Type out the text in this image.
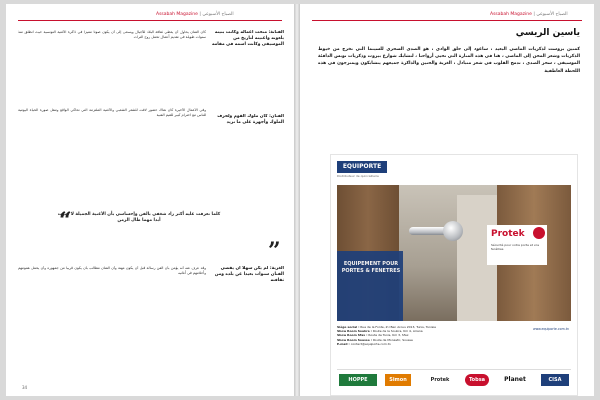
Assabah Magazine | الصباح الأسبوعي
الفنانة: منحت أعماله وكانت بنيته بلعونه واغنيته لتاريخ من الموسيقى وكانت اسمه في مقامه
الفنان: كان ملوك القوم ولحرف الملوك وأجهزة على ما تريد
الغربة: لم يكن سهلا أن يقضي الفنان سنوات بعيدا عن بلده ومن ثقافته

كان الفنان يحاول أن يعطي ثقافة البلاد للأجيال ويسعى إلى أن يكون صوتا مميزا في ذاكرة الأغنية التونسية حيث انطلق منذ سنوات طويلة في تقديم أعمال تحمل روح التراث

وفي الأعمال الأخيرة كان هناك حضور لافت للشعر الشعبي والأغنية الملتزمة التي تحاكي الواقع وتنقل صورة الحياة اليومية للناس مع احترام كبير للقيم الفنية

“
كلما تعرفت عليه أكثر زاد شغفي بالفن وإحساسي بأن الأغنية الجميلة لا تموت أبدا مهما طال الزمن
”

وقد عرف عنه أنه يؤمن بأن الفن رسالة قبل أن يكون مهنة وأن الفنان مطالب بأن يكون قريبا من جمهوره وأن يحمل همومهم وأحلامهم في أغانيه

34
Assabah Magazine | الصباح الأسبوعي
ياسين الريسي
كمنين بروست لذكريات الماضي البعيد ، ساعود إلى حلق الوادي ، هو الصدى السحري للسينما التي تخرج من خيوط الذكريات وشعر المحن إلى الماضي ، هنا في هذه المنارة التي تحيي أرواحنا ، لتشابك شوارع بيروت وذكريات تونس الدافئة الموسيقى ، سحر الصدى ، تدمج القلوب في شعر متبادل ، الغربة والحنين والذاكرة جميعهم يتشابكون ويمتزجون في هذه اللحظة العاطفية
EQUIPORTE
Distributeur de quincaillerie
Protek
Sécurité pour votre porte et vos fenêtres
EQUIPEMENT POUR PORTES & FENETRES
Siège social : Rue de la Fonte, Z.I Ben Arous 2013, Tunis, Tunisie
Show Room Soukra : Route de la Soukra, Km 4, Ariana
Show Room Sfax : Route de Tunis, Km 3, Sfax
Show Room Sousse : Route de Monastir, Sousse
E-mail : contact@equiporte.com.tn
www.equiporte.com.tn
HOPPE	Simon	Protek	Tobsa	Planet	CISA
